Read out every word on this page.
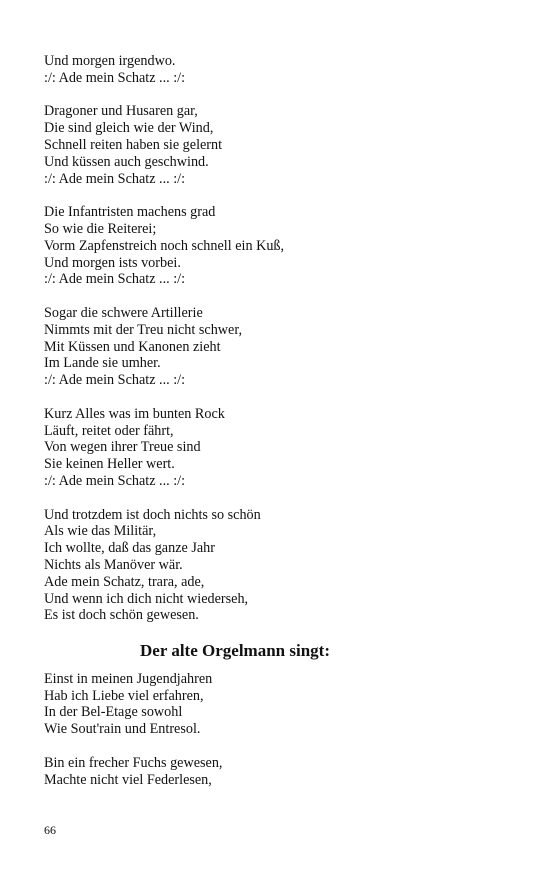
Und morgen irgendwo.
:/: Ade mein Schatz ... :/:
Dragoner und Husaren gar,
Die sind gleich wie der Wind,
Schnell reiten haben sie gelernt
Und küssen auch geschwind.
:/: Ade mein Schatz ... :/:
Die Infantristen machens grad
So wie die Reiterei;
Vorm Zapfenstreich noch schnell ein Kuß,
Und morgen ists vorbei.
:/: Ade mein Schatz ... :/:
Sogar die schwere Artillerie
Nimmts mit der Treu nicht schwer,
Mit Küssen und Kanonen zieht
Im Lande sie umher.
:/: Ade mein Schatz ... :/:
Kurz Alles was im bunten Rock
Läuft, reitet oder fährt,
Von wegen ihrer Treue sind
Sie keinen Heller wert.
:/: Ade mein Schatz ... :/:
Und trotzdem ist doch nichts so schön
Als wie das Militär,
Ich wollte, daß das ganze Jahr
Nichts als Manöver wär.
Ade mein Schatz, trara, ade,
Und wenn ich dich nicht wiederseh,
Es ist doch schön gewesen.
Der alte Orgelmann singt:
Einst in meinen Jugendjahren
Hab ich Liebe viel erfahren,
In der Bel-Etage sowohl
Wie Sout'rain und Entresol.
Bin ein frecher Fuchs gewesen,
Machte nicht viel Federlesen,
66
